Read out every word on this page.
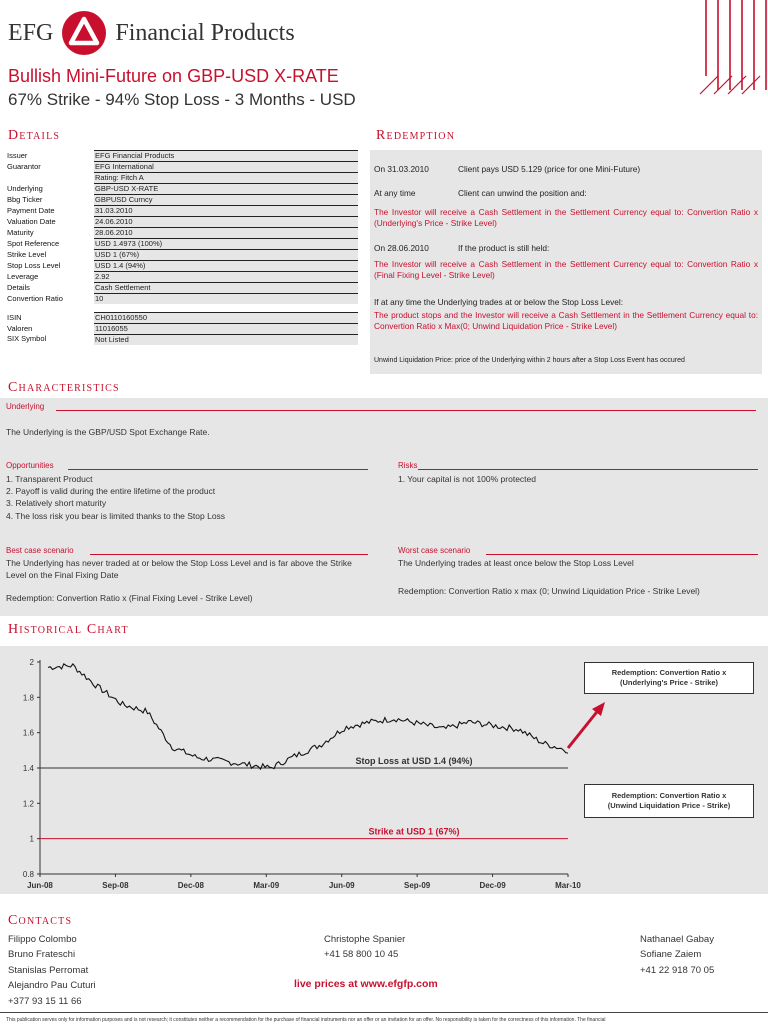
EFG	Financial Products
Bullish Mini-Future on GBP-USD X-RATE
67% Strike - 94% Stop Loss - 3 Months - USD
Details
Issuer	EFG Financial Products
Guarantor	EFG International
	Rating: Fitch A
Underlying	GBP-USD X-RATE
Bbg Ticker	GBPUSD Curncy
Payment Date	31.03.2010
Valuation Date	24.06.2010
Maturity	28.06.2010
Spot Reference	USD 1.4973 (100%)
Strike Level	USD 1 (67%)
Stop Loss Level	USD 1.4 (94%)
Leverage	2.92
Details	Cash Settlement
Convertion Ratio	10

ISIN	CH0110160550
Valoren	11016055
SIX Symbol	Not Listed
Redemption

On 31.03.2010	Client pays USD 5.129 (price for one Mini-Future)

At any time	Client can unwind the position and:

The Investor will receive a Cash Settlement in the Settlement Currency equal to: Convertion Ratio x (Underlying's Price - Strike Level)

On 28.06.2010	If the product is still held:

The Investor will receive a Cash Settlement in the Settlement Currency equal to: Convertion Ratio x (Final Fixing Level - Strike Level)

If at any time the Underlying trades at or below the Stop Loss Level:

The product stops and the Investor will receive a Cash Settlement in the Settlement Currency equal to: Convertion Ratio x Max(0; Unwind Liquidation Price - Strike Level)

Unwind Liquidation Price: price of the Underlying within 2 hours after a Stop Loss Event has occured

Characteristics
Underlying
The Underlying is the GBP/USD Spot Exchange Rate.
Opportunities
1. Transparent Product
2. Payoff is valid during the entire lifetime of the product
3. Relatively short maturity
4. The loss risk you bear is limited thanks to the Stop Loss
Risks
1. Your capital is not 100% protected
Best case scenario
The Underlying has never traded at or below the Stop Loss Level and is far above the Strike Level on the Final Fixing Date
Redemption: Convertion Ratio x (Final Fixing Level - Strike Level)
Worst case scenario
The Underlying trades at least once below the Stop Loss Level
Redemption: Convertion Ratio x max (0; Unwind Liquidation Price - Strike Level)
Historical Chart
0.8
1
1.2
1.4
1.6
1.8
2
Jun-08	Sep-08	Dec-08	Mar-09	Jun-09	Sep-09	Dec-09	Mar-10
Stop Loss at USD 1.4 (94%)
Strike at USD 1 (67%)
Redemption: Convertion Ratio x
(Underlying's Price - Strike)
Redemption: Convertion Ratio x
(Unwind Liquidation Price - Strike)
Contacts
Filippo Colombo
Bruno Frateschi
Stanislas Perromat
Alejandro Pau Cuturi
+377 93 15 11 66
Christophe Spanier
+41 58 800 10 45
Nathanael Gabay
Sofiane Zaiem
+41 22 918 70 05
live prices at www.efgfp.com
This publication serves only for information purposes and is not research; it constitutes neither a recommendation for the purchase of financial instruments nor an offer or an invitation for an offer. No responsibility is taken for the correctness of this information. The financial
